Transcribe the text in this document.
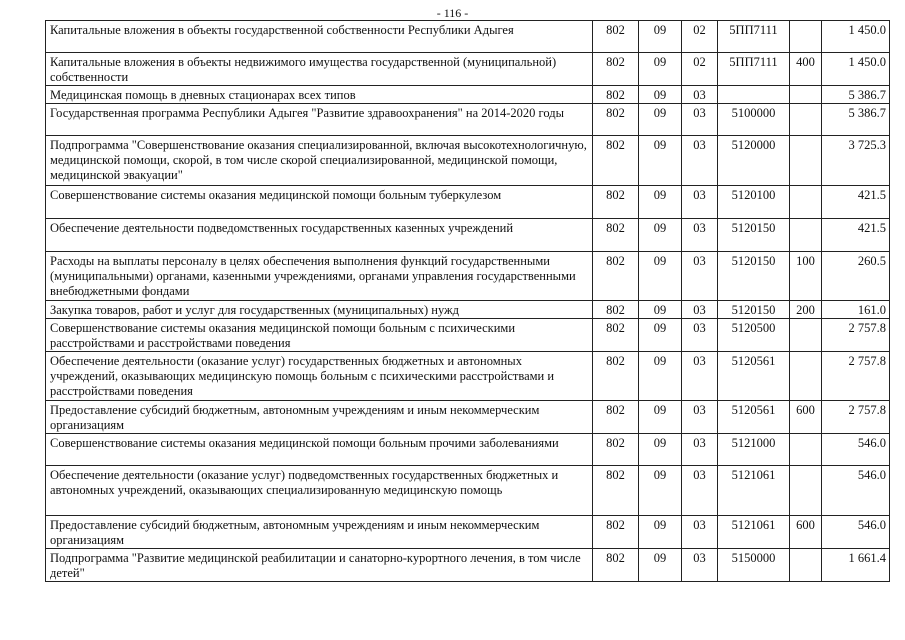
- 116 -
Капитальные вложения в объекты государственной собственности Республики Адыгея	802	09	02	5ПП7111		1 450.0
Капитальные вложения в объекты недвижимого имущества государственной (муниципальной) собственности	802	09	02	5ПП7111	400	1 450.0
Медицинская помощь в дневных стационарах всех типов	802	09	03			5 386.7
Государственная программа Республики Адыгея "Развитие здравоохранения" на 2014-2020 годы	802	09	03	5100000		5 386.7
Подпрограмма "Совершенствование оказания специализированной, включая высокотехнологичную, медицинской помощи, скорой, в том числе скорой специализированной, медицинской помощи, медицинской эвакуации"	802	09	03	5120000		3 725.3
Совершенствование системы оказания медицинской помощи больным туберкулезом	802	09	03	5120100		421.5
Обеспечение деятельности подведомственных государственных казенных учреждений	802	09	03	5120150		421.5
Расходы на выплаты персоналу в целях обеспечения выполнения функций государственными (муниципальными) органами, казенными учреждениями, органами управления государственными внебюджетными фондами	802	09	03	5120150	100	260.5
Закупка товаров, работ и услуг для государственных (муниципальных) нужд	802	09	03	5120150	200	161.0
Совершенствование системы оказания медицинской помощи больным с психическими расстройствами и расстройствами поведения	802	09	03	5120500		2 757.8
Обеспечение деятельности (оказание услуг) государственных бюджетных и автономных учреждений, оказывающих медицинскую помощь больным с психическими расстройствами и расстройствами поведения	802	09	03	5120561		2 757.8
Предоставление субсидий бюджетным, автономным учреждениям и иным некоммерческим организациям	802	09	03	5120561	600	2 757.8
Совершенствование системы оказания медицинской помощи больным прочими заболеваниями	802	09	03	5121000		546.0
Обеспечение деятельности (оказание услуг) подведомственных государственных бюджетных и автономных учреждений, оказывающих специализированную медицинскую помощь	802	09	03	5121061		546.0
Предоставление субсидий бюджетным, автономным учреждениям и иным некоммерческим организациям	802	09	03	5121061	600	546.0
Подпрограмма "Развитие медицинской реабилитации и санаторно-курортного лечения, в том числе детей"	802	09	03	5150000		1 661.4
